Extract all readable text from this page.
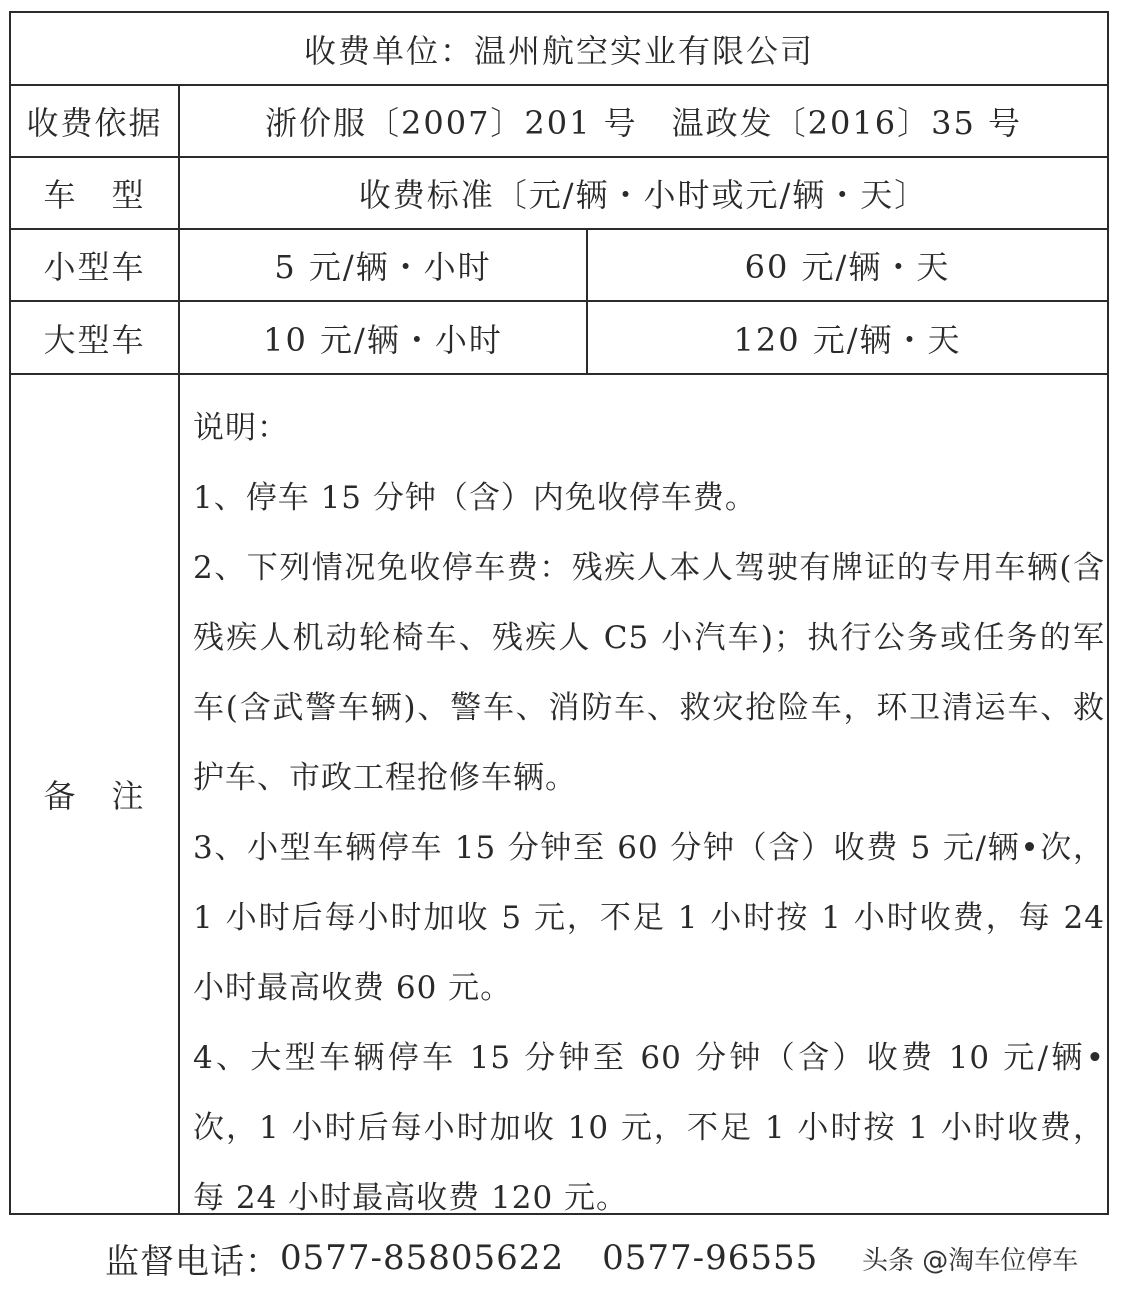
收费单位：温州航空实业有限公司
收费依据	浙价服〔2007〕201 号　温政发〔2016〕35 号
车　型	收费标准〔元/辆・小时或元/辆・天〕
小型车	5 元/辆・小时	60 元/辆・天
大型车	10 元/辆・小时	120 元/辆・天
备　注

说明：

1、停车 15 分钟（含）内免收停车费。

2、下列情况免收停车费：残疾人本人驾驶有牌证的专用车辆(含残疾人机动轮椅车、残疾人 C5 小汽车)；执行公务或任务的军车(含武警车辆)、警车、消防车、救灾抢险车，环卫清运车、救护车、市政工程抢修车辆。

3、小型车辆停车 15 分钟至 60 分钟（含）收费 5 元/辆•次，1 小时后每小时加收 5 元，不足 1 小时按 1 小时收费，每 24 小时最高收费 60 元。

4、大型车辆停车 15 分钟至 60 分钟（含）收费 10 元/辆•次，1 小时后每小时加收 10 元，不足 1 小时按 1 小时收费，每 24 小时最高收费 120 元。

监督电话： 0577-85805622 0577-96555 头条 @淘车位停车
